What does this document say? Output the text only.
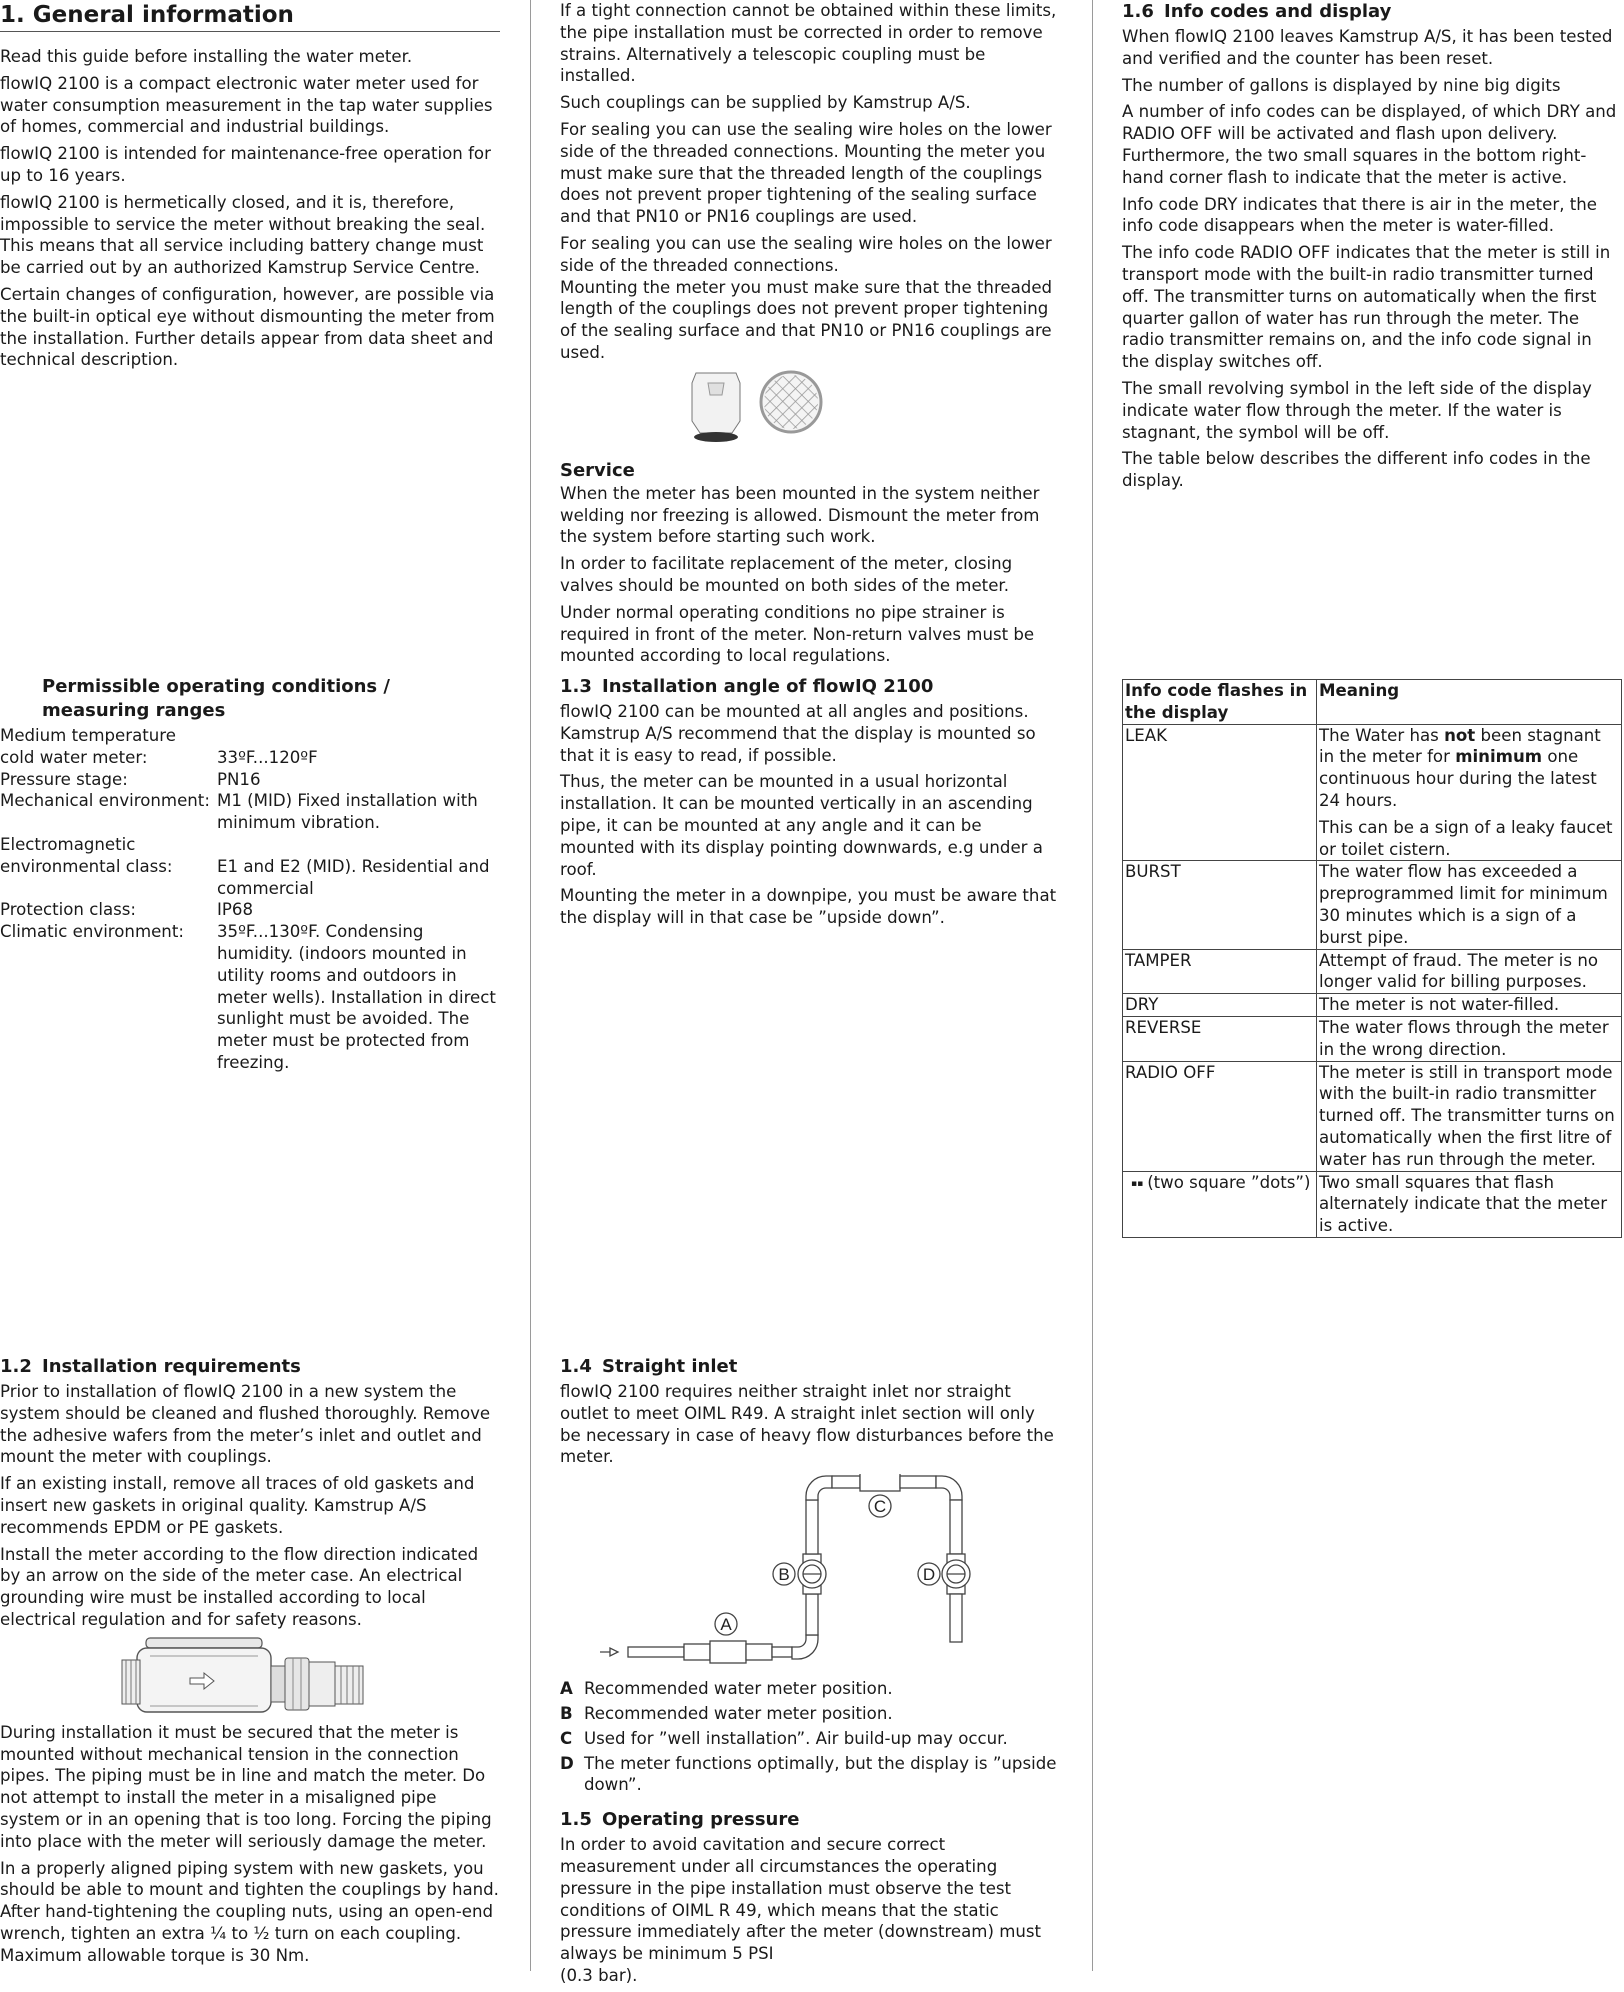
1. General information

Read this guide before installing the water meter.

flowIQ 2100 is a compact electronic water meter used for water consumption measurement in the tap water supplies of homes, commercial and industrial buildings.

flowIQ 2100 is intended for maintenance-free operation for up to 16 years.

flowIQ 2100 is hermetically closed, and it is, therefore, impossible to service the meter without breaking the seal. This means that all service including battery change must be carried out by an authorized Kamstrup Service Centre.

Certain changes of configuration, however, are possible via the built-in optical eye without dismounting the meter from the installation. Further details appear from data sheet and technical description.

Permissible operating conditions / measuring ranges
Medium temperature
cold water meter:	33ºF...120ºF
Pressure stage:	PN16
Mechanical environment: M1 (MID) Fixed installation with minimum vibration.
Electromagnetic
environmental class:	E1 and E2 (MID). Residential and commercial
Protection class:	IP68
Climatic environment:	35ºF...130ºF. Condensing humidity. (indoors mounted in utility rooms and outdoors in meter wells). Installation in direct sunlight must be avoided. The meter must be protected from freezing.
1.2 Installation requirements

Prior to installation of flowIQ 2100 in a new system the system should be cleaned and flushed thoroughly. Remove the adhesive wafers from the meter’s inlet and outlet and mount the meter with couplings.

If an existing install, remove all traces of old gaskets and insert new gaskets in original quality. Kamstrup A/S recommends EPDM or PE gaskets.

Install the meter according to the flow direction indicated by an arrow on the side of the meter case. An electrical grounding wire must be installed according to local electrical regulation and for safety reasons.

During installation it must be secured that the meter is mounted without mechanical tension in the connection pipes. The piping must be in line and match the meter. Do not attempt to install the meter in a misaligned pipe system or in an opening that is too long. Forcing the piping into place with the meter will seriously damage the meter.

In a properly aligned piping system with new gaskets, you should be able to mount and tighten the couplings by hand. After hand-tightening the coupling nuts, using an open-end wrench, tighten an extra ¼ to ½ turn on each coupling. Maximum allowable torque is 30 Nm.

If a tight connection cannot be obtained within these limits, the pipe installation must be corrected in order to remove strains. Alternatively a telescopic coupling must be installed.

Such couplings can be supplied by Kamstrup A/S.

For sealing you can use the sealing wire holes on the lower side of the threaded connections. Mounting the meter you must make sure that the threaded length of the couplings does not prevent proper tightening of the sealing surface and that PN10 or PN16 couplings are used.

For sealing you can use the sealing wire holes on the lower side of the threaded connections.
Mounting the meter you must make sure that the threaded length of the couplings does not prevent proper tightening of the sealing surface and that PN10 or PN16 couplings are used.

Service

When the meter has been mounted in the system neither welding nor freezing is allowed. Dismount the meter from the system before starting such work.

In order to facilitate replacement of the meter, closing valves should be mounted on both sides of the meter.

Under normal operating conditions no pipe strainer is required in front of the meter. Non-return valves must be mounted according to local regulations.

1.3 Installation angle of flowIQ 2100

flowIQ 2100 can be mounted at all angles and positions. Kamstrup A/S recommend that the display is mounted so that it is easy to read, if possible.

Thus, the meter can be mounted in a usual horizontal installation. It can be mounted vertically in an ascending pipe, it can be mounted at any angle and it can be mounted with its display pointing downwards, e.g under a roof.

Mounting the meter in a downpipe, you must be aware that the display will in that case be ”upside down”.

1.4 Straight inlet

flowIQ 2100 requires neither straight inlet nor straight outlet to meet OIML R49. A straight inlet section will only be necessary in case of heavy flow disturbances before the meter.

A
B
C
D
A Recommended water meter position.
B Recommended water meter position.
C Used for ”well installation”. Air build-up may occur.
D The meter functions optimally, but the display is ”upside down”.
1.5 Operating pressure

In order to avoid cavitation and secure correct measurement under all circumstances the operating pressure in the pipe installation must observe the test conditions of OIML R 49, which means that the static pressure immediately after the meter (downstream) must always be minimum 5 PSI
(0.3 bar).

1.6 Info codes and display

When flowIQ 2100 leaves Kamstrup A/S, it has been tested and verified and the counter has been reset.

The number of gallons is displayed by nine big digits

A number of info codes can be displayed, of which DRY and RADIO OFF will be activated and flash upon delivery. Furthermore, the two small squares in the bottom right-hand corner flash to indicate that the meter is active.

Info code DRY indicates that there is air in the meter, the info code disappears when the meter is water-filled.

The info code RADIO OFF indicates that the meter is still in transport mode with the built-in radio transmitter turned off. The transmitter turns on automatically when the first quarter gallon of water has run through the meter. The radio transmitter remains on, and the info code signal in the display switches off.

The small revolving symbol in the left side of the display indicate water flow through the meter. If the water is stagnant, the symbol will be off.

The table below describes the different info codes in the display.

Info code flashes in the display	Meaning
LEAK	The Water has not been stagnant in the meter for minimum one continuous hour during the latest 24 hours.

This can be a sign of a leaky faucet or toilet cistern.

BURST	The water flow has exceeded a preprogrammed limit for minimum 30 minutes which is a sign of a burst pipe.
TAMPER	Attempt of fraud. The meter is no longer valid for billing purposes.
DRY	The meter is not water-filled.
REVERSE	The water flows through the meter in the wrong direction.
RADIO OFF	The meter is still in transport mode with the built-in radio transmitter turned off. The transmitter turns on automatically when the first litre of water has run through the meter.
▪▪ (two square ”dots”)	Two small squares that flash alternately indicate that the meter is active.
